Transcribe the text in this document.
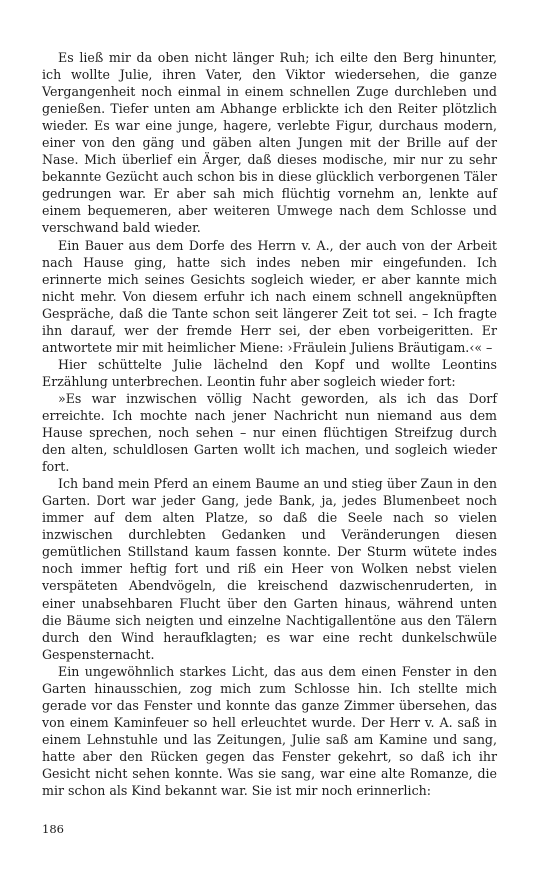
Es ließ mir da oben nicht länger Ruh; ich eilte den Berg hinunter, ich wollte Julie, ihren Vater, den Viktor wiedersehen, die ganze Vergangenheit noch einmal in einem schnellen Zuge durchleben und genießen. Tiefer unten am Abhange erblickte ich den Reiter plötzlich wieder. Es war eine junge, hagere, verlebte Figur, durchaus modern, einer von den gäng und gäben alten Jungen mit der Brille auf der Nase. Mich überlief ein Ärger, daß dieses modische, mir nur zu sehr bekannte Gezücht auch schon bis in diese glücklich verborgenen Täler gedrungen war. Er aber sah mich flüchtig vornehm an, lenkte auf einem bequemeren, aber weiteren Umwege nach dem Schlosse und verschwand bald wieder.

Ein Bauer aus dem Dorfe des Herrn v. A., der auch von der Arbeit nach Hause ging, hatte sich indes neben mir eingefunden. Ich erinnerte mich seines Gesichts sogleich wieder, er aber kannte mich nicht mehr. Von diesem erfuhr ich nach einem schnell angeknüpften Gespräche, daß die Tante schon seit längerer Zeit tot sei. – Ich fragte ihn darauf, wer der fremde Herr sei, der eben vorbeigeritten. Er antwortete mir mit heimlicher Miene: ›Fräulein Juliens Bräutigam.‹« –

Hier schüttelte Julie lächelnd den Kopf und wollte Leontins Erzählung unterbrechen. Leontin fuhr aber sogleich wieder fort:

»Es war inzwischen völlig Nacht geworden, als ich das Dorf erreichte. Ich mochte nach jener Nachricht nun niemand aus dem Hause sprechen, noch sehen – nur einen flüchtigen Streifzug durch den alten, schuldlosen Garten wollt ich machen, und sogleich wieder fort.

Ich band mein Pferd an einem Baume an und stieg über Zaun in den Garten. Dort war jeder Gang, jede Bank, ja, jedes Blumenbeet noch immer auf dem alten Platze, so daß die Seele nach so vielen inzwischen durchlebten Gedanken und Veränderungen diesen gemütlichen Stillstand kaum fassen konnte. Der Sturm wütete indes noch immer heftig fort und riß ein Heer von Wolken nebst vielen verspäteten Abendvögeln, die kreischend dazwischenruderten, in einer unabsehbaren Flucht über den Garten hinaus, während unten die Bäume sich neigten und einzelne Nachtigallentöne aus den Tälern durch den Wind heraufklagten; es war eine recht dunkelschwüle Gespensternacht.

Ein ungewöhnlich starkes Licht, das aus dem einen Fenster in den Garten hinausschien, zog mich zum Schlosse hin. Ich stellte mich gerade vor das Fenster und konnte das ganze Zimmer übersehen, das von einem Kaminfeuer so hell erleuchtet wurde. Der Herr v. A. saß in einem Lehnstuhle und las Zeitungen, Julie saß am Kamine und sang, hatte aber den Rücken gegen das Fenster gekehrt, so daß ich ihr Gesicht nicht sehen konnte. Was sie sang, war eine alte Romanze, die mir schon als Kind bekannt war. Sie ist mir noch erinnerlich:

186
